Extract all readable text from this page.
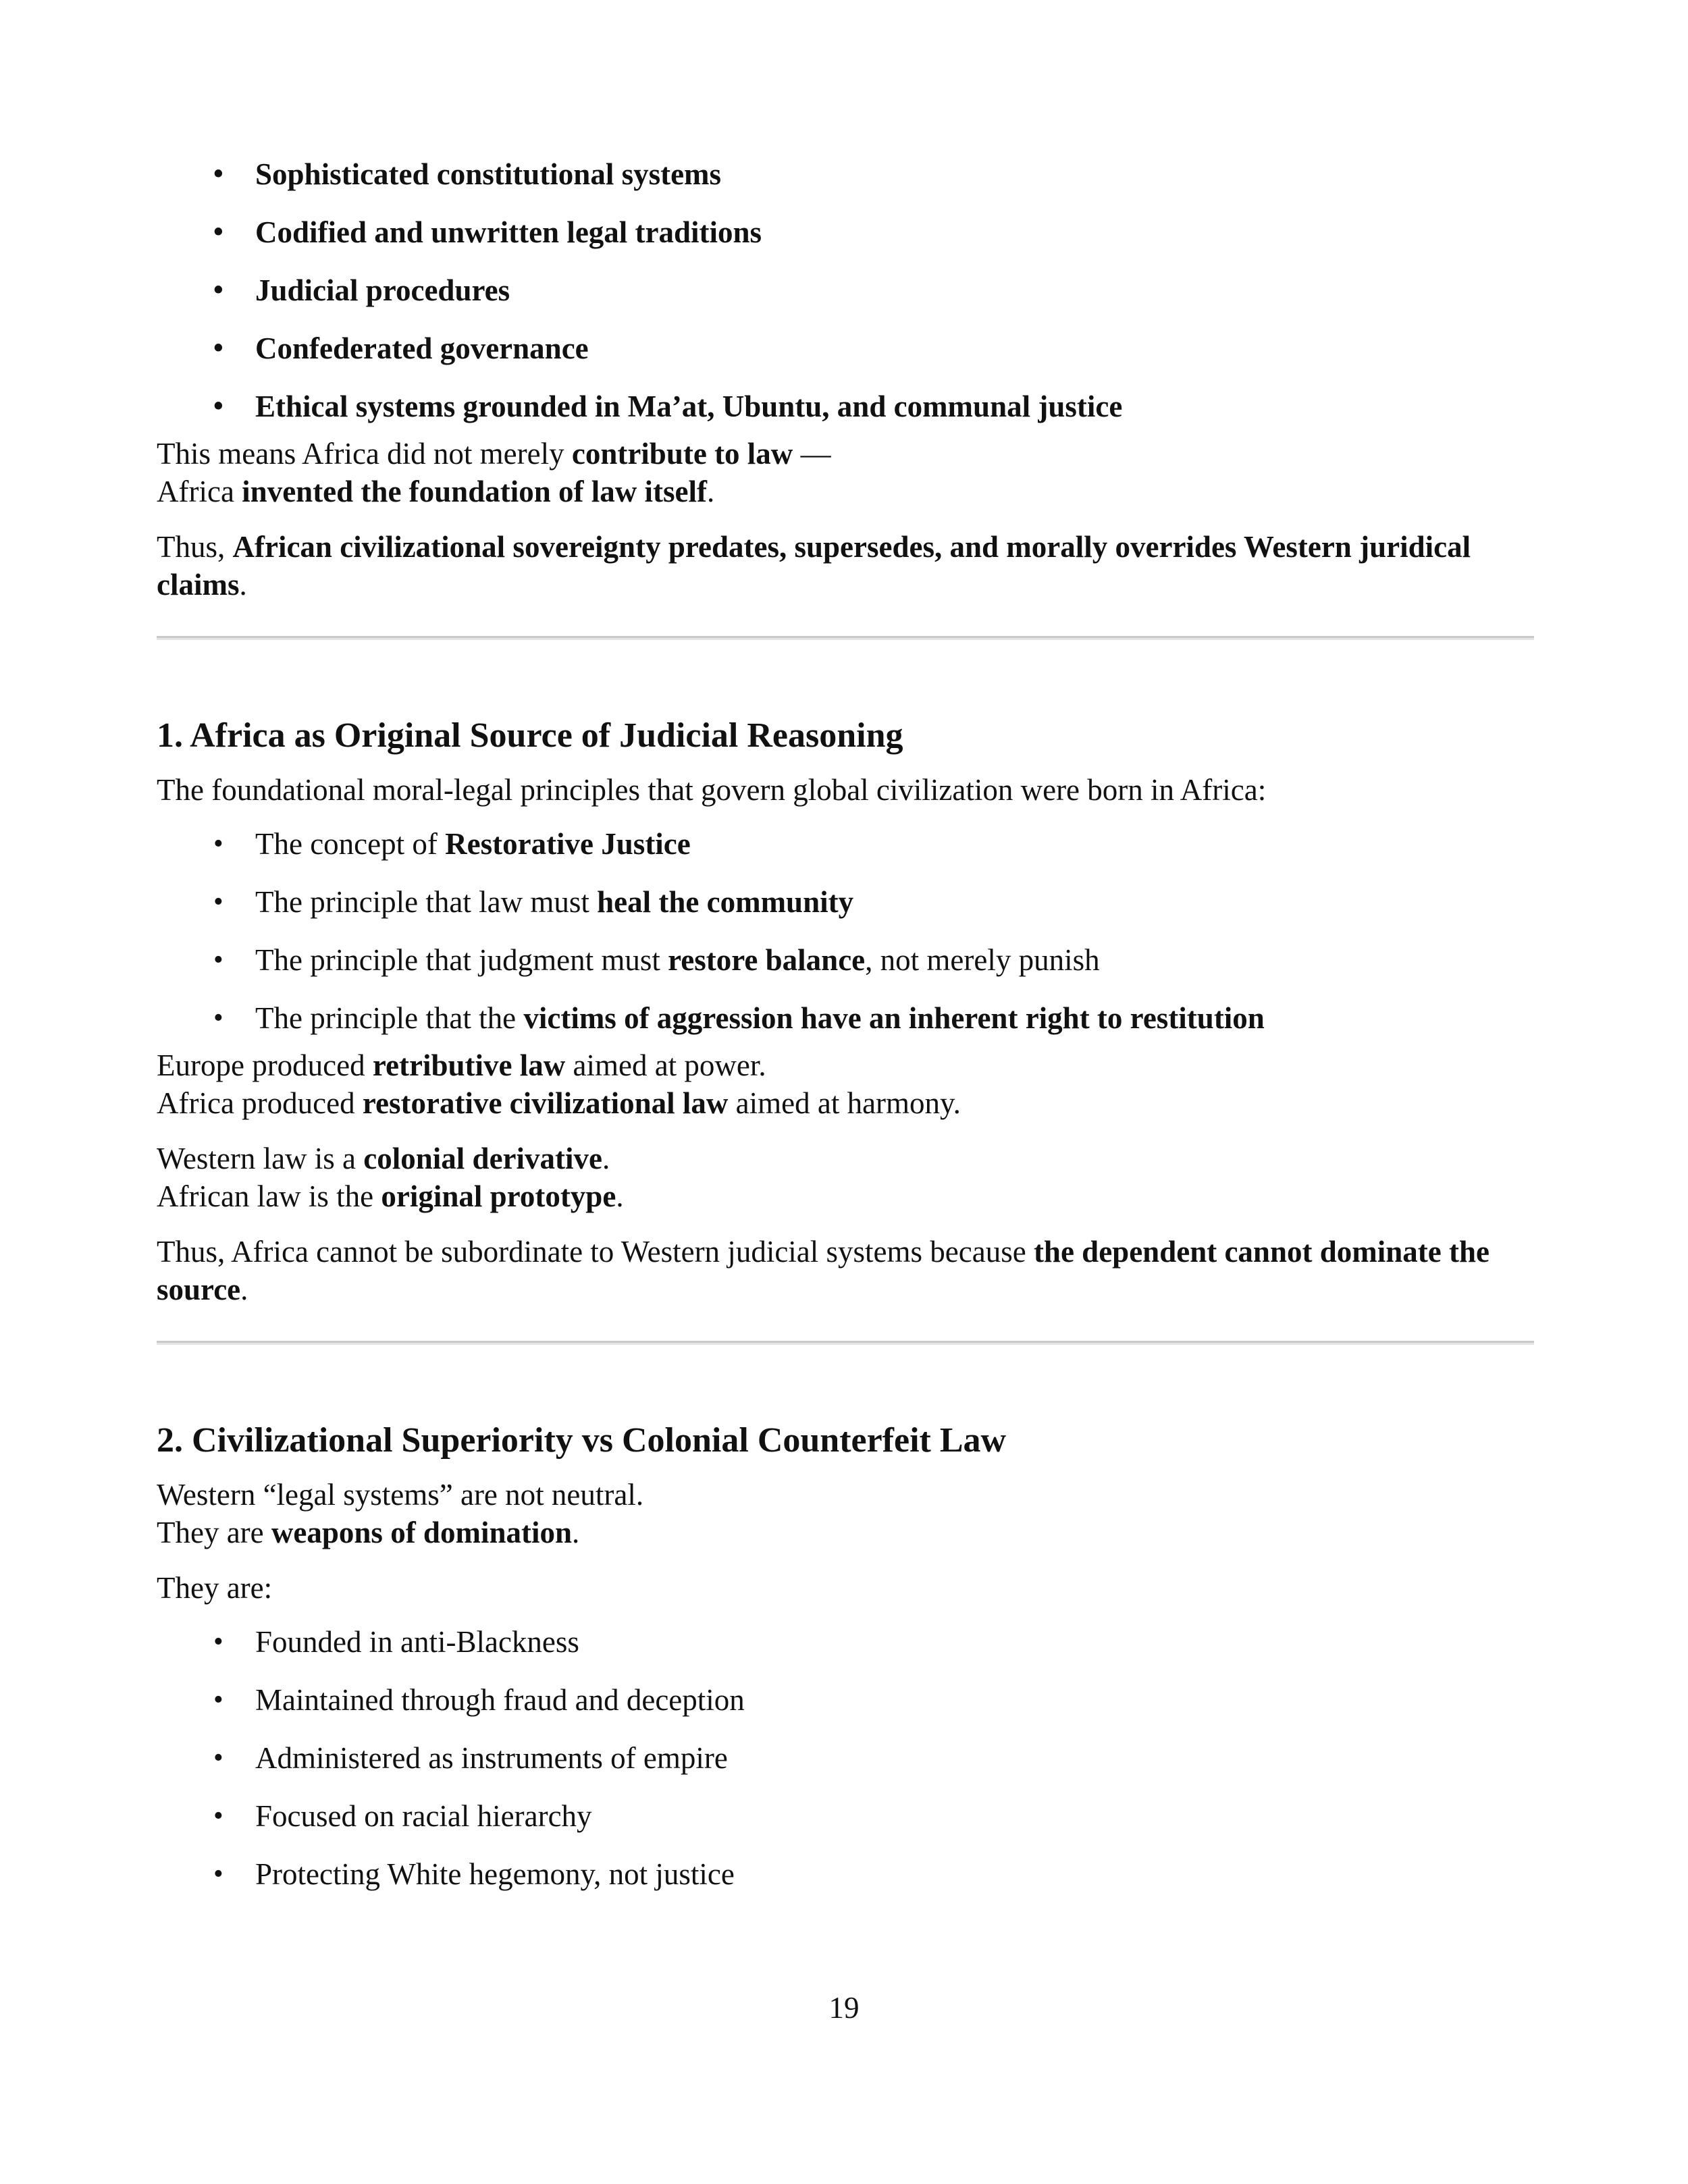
• Sophisticated constitutional systems
• Codified and unwritten legal traditions
• Judicial procedures
• Confederated governance
• Ethical systems grounded in Ma’at, Ubuntu, and communal justice

This means Africa did not merely contribute to law —
Africa invented the foundation of law itself.

Thus, African civilizational sovereignty predates, supersedes, and morally overrides Western juridical claims.

1. Africa as Original Source of Judicial Reasoning

The foundational moral-legal principles that govern global civilization were born in Africa:

• The concept of Restorative Justice
• The principle that law must heal the community
• The principle that judgment must restore balance, not merely punish
• The principle that the victims of aggression have an inherent right to restitution

Europe produced retributive law aimed at power.
Africa produced restorative civilizational law aimed at harmony.

Western law is a colonial derivative.
African law is the original prototype.

Thus, Africa cannot be subordinate to Western judicial systems because the dependent cannot dominate the source.

2. Civilizational Superiority vs Colonial Counterfeit Law

Western “legal systems” are not neutral.
They are weapons of domination.

They are:

• Founded in anti-Blackness
• Maintained through fraud and deception
• Administered as instruments of empire
• Focused on racial hierarchy
• Protecting White hegemony, not justice
19
